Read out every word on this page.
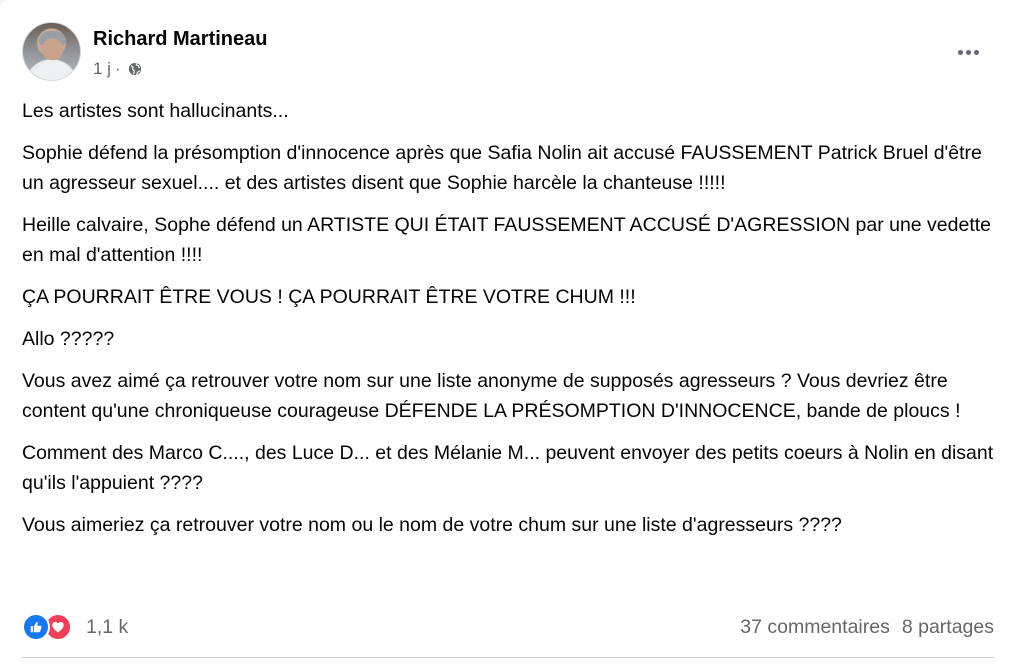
Richard Martineau
1 j ·

Les artistes sont hallucinants...

Sophie défend la présomption d'innocence après que Safia Nolin ait accusé FAUSSEMENT Patrick Bruel d'être un agresseur sexuel.... et des artistes disent que Sophie harcèle la chanteuse !!!!!

Heille calvaire, Sophe défend un ARTISTE QUI ÉTAIT FAUSSEMENT ACCUSÉ D'AGRESSION par une vedette en mal d'attention !!!!

ÇA POURRAIT ÊTRE VOUS ! ÇA POURRAIT ÊTRE VOTRE CHUM !!!

Allo ?????

Vous avez aimé ça retrouver votre nom sur une liste anonyme de supposés agresseurs ? Vous devriez être content qu'une chroniqueuse courageuse DÉFENDE LA PRÉSOMPTION D'INNOCENCE, bande de ploucs !

Comment des Marco C...., des Luce D... et des Mélanie M... peuvent envoyer des petits coeurs à Nolin en disant qu'ils l'appuient ????

Vous aimeriez ça retrouver votre nom ou le nom de votre chum sur une liste d'agresseurs ????

1,1 k	37 commentaires 8 partages
